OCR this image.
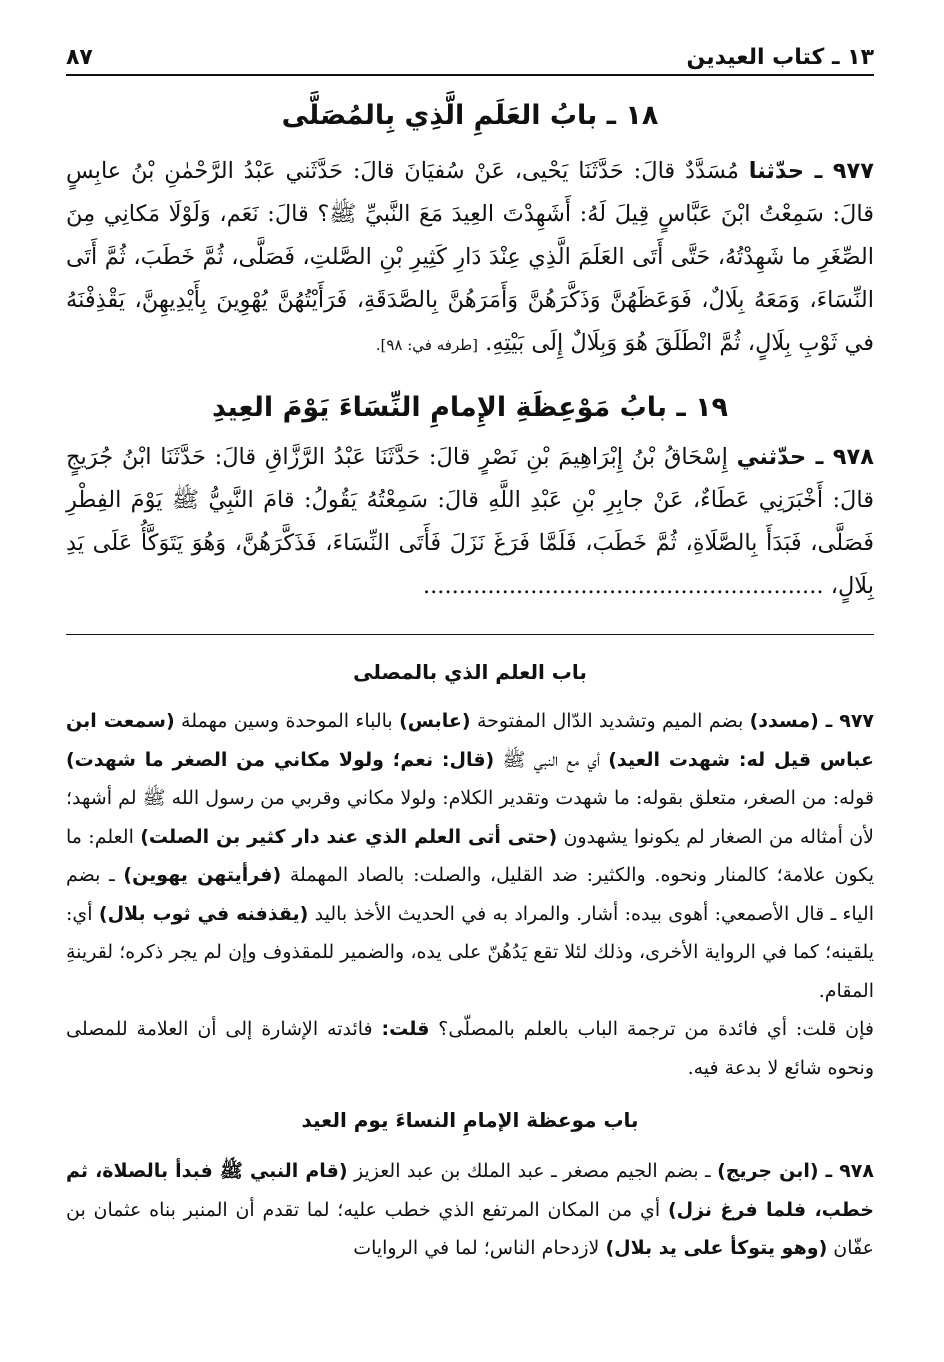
٨٧	١٣ ـ كتاب العيدين
١٨ ـ بابُ العَلَمِ الَّذِي بِالمُصَلَّى
٩٧٧ ـ حدّثنا مُسَدَّدٌ قالَ: حَدَّثَنَا يَحْيى، عَنْ سُفيَانَ قالَ: حَدَّثَني عَبْدُ الرَّحْمٰنِ بْنُ عابِسٍ قالَ: سَمِعْتُ ابْنَ عَبَّاسٍ قِيلَ لَهُ: أَشَهِدْتَ العِيدَ مَعَ النَّبيِّ ﷺ؟ قالَ: نَعَم، وَلَوْلَا مَكانِي مِنَ الصِّغَرِ ما شَهِدْتُهُ، حَتَّى أَتَى العَلَمَ الَّذِي عِنْدَ دَارِ كَثِيرِ بْنِ الصَّلتِ، فَصَلَّى، ثُمَّ خَطَبَ، ثُمَّ أَتَى النِّسَاءَ، وَمَعَهُ بِلَالٌ، فَوَعَظَهُنَّ وَذَكَّرَهُنَّ وَأَمَرَهُنَّ بِالصَّدَقَةِ، فَرَأَيْتُهُنَّ يُهْوِينَ بِأَيْدِيهِنَّ، يَقْذِفْنَهُ في ثَوْبِ بِلَالٍ، ثُمَّ انْطَلَقَ هُوَ وَبِلَالٌ إِلَى بَيْتِهِ. [طرفه في: ٩٨].
١٩ ـ بابُ مَوْعِظَةِ الإِمامِ النِّسَاءَ يَوْمَ العِيدِ
٩٧٨ ـ حدّثني إِسْحَاقُ بْنُ إِبْرَاهِيمَ بْنِ نَصْرٍ قالَ: حَدَّثَنَا عَبْدُ الرَّزَّاقِ قالَ: حَدَّثَنَا ابْنُ جُرَيجٍ قالَ: أَخْبَرَنِي عَطَاءٌ، عَنْ جابِرِ بْنِ عَبْدِ اللَّهِ قالَ: سَمِعْتُهُ يَقُولُ: قامَ النَّبِيُّ ﷺ يَوْمَ الفِطْرِ فَصَلَّى، فَبَدَأَ بِالصَّلَاةِ، ثُمَّ خَطَبَ، فَلَمَّا فَرَغَ نَزَلَ فَأَتَى النِّسَاءَ، فَذَكَّرَهُنَّ، وَهُوَ يَتَوَكَّأُ عَلَى يَدِ بِلَالٍ، ........................................................
باب العلم الذي بالمصلى
٩٧٧ ـ (مسدد) بضم الميم وتشديد الدّال المفتوحة (عابس) بالباء الموحدة وسين مهملة (سمعت ابن عباس قيل له: شهدت العيد) أي مع النبي ﷺ (قال: نعم؛ ولولا مكاني من الصغر ما شهدت) قوله: من الصغر، متعلق بقوله: ما شهدت وتقدير الكلام: ولولا مكاني وقربي من رسول الله ﷺ لم أشهد؛ لأن أمثاله من الصغار لم يكونوا يشهدون (حتى أتى العلم الذي عند دار كثير بن الصلت) العلم: ما يكون علامة؛ كالمنار ونحوه. والكثير: ضد القليل، والصلت: بالصاد المهملة (فرأيتهن يهوين) ـ بضم الياء ـ قال الأصمعي: أهوى بيده: أشار. والمراد به في الحديث الأخذ باليد (يقذفنه في ثوب بلال) أي: يلقينه؛ كما في الرواية الأخرى، وذلك لئلا تقع يَدُهُنّ على يده، والضمير للمقذوف وإن لم يجر ذكره؛ لقرينةِ المقام.
فإن قلت: أي فائدة من ترجمة الباب بالعلم بالمصلّى؟ قلت: فائدته الإشارة إلى أن العلامة للمصلى ونحوه شائع لا بدعة فيه.
باب موعظة الإمامِ النساءَ يوم العيد
٩٧٨ ـ (ابن جريج) ـ بضم الجيم مصغر ـ عبد الملك بن عبد العزيز (قام النبي ﷺ فبدأ بالصلاة، ثم خطب، فلما فرغ نزل) أي من المكان المرتفع الذي خطب عليه؛ لما تقدم أن المنبر بناه عثمان بن عفّان (وهو يتوكأ على يد بلال) لازدحام الناس؛ لما في الروايات
